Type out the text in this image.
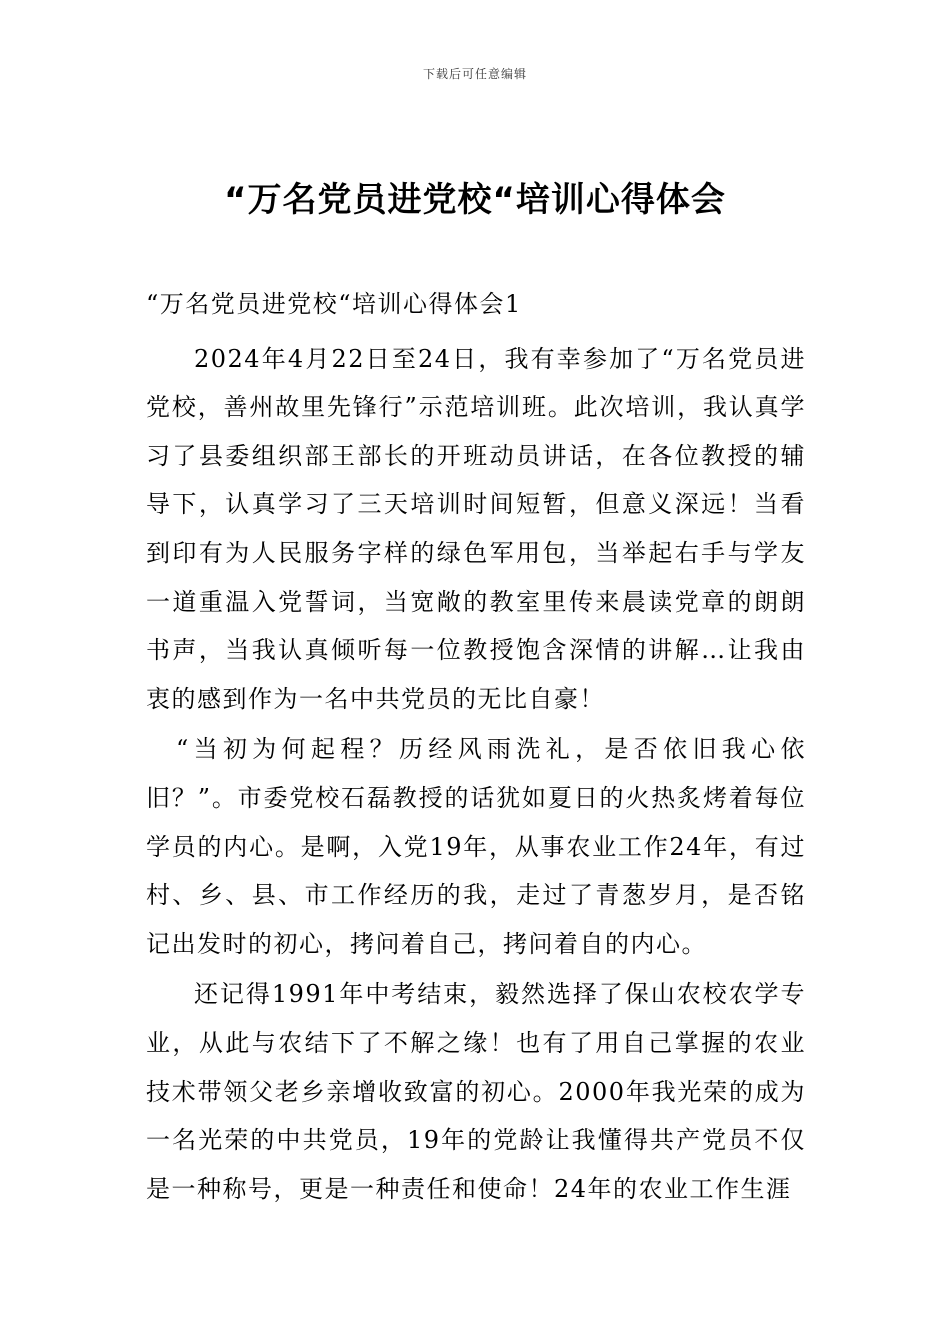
下载后可任意编辑
“万名党员进党校“培训心得体会

“万名党员进党校“培训心得体会1

2024年4月22日至24日，我有幸参加了“万名党员进党校，善州故里先锋行”示范培训班。此次培训，我认真学习了县委组织部王部长的开班动员讲话，在各位教授的辅导下，认真学习了三天培训时间短暂，但意义深远！当看到印有为人民服务字样的绿色军用包，当举起右手与学友一道重温入党誓词，当宽敞的教室里传来晨读党章的朗朗书声，当我认真倾听每一位教授饱含深情的讲解…让我由衷的感到作为一名中共党员的无比自豪！

“当初为何起程？历经风雨洗礼，是否依旧我心依旧？”。市委党校石磊教授的话犹如夏日的火热炙烤着每位学员的内心。是啊，入党19年，从事农业工作24年，有过村、乡、县、市工作经历的我，走过了青葱岁月，是否铭记出发时的初心，拷问着自己，拷问着自的内心。

还记得1991年中考结束，毅然选择了保山农校农学专业，从此与农结下了不解之缘！也有了用自己掌握的农业技术带领父老乡亲增收致富的初心。2000年我光荣的成为一名光荣的中共党员，19年的党龄让我懂得共产党员不仅是一种称号，更是一种责任和使命！24年的农业工作生涯
